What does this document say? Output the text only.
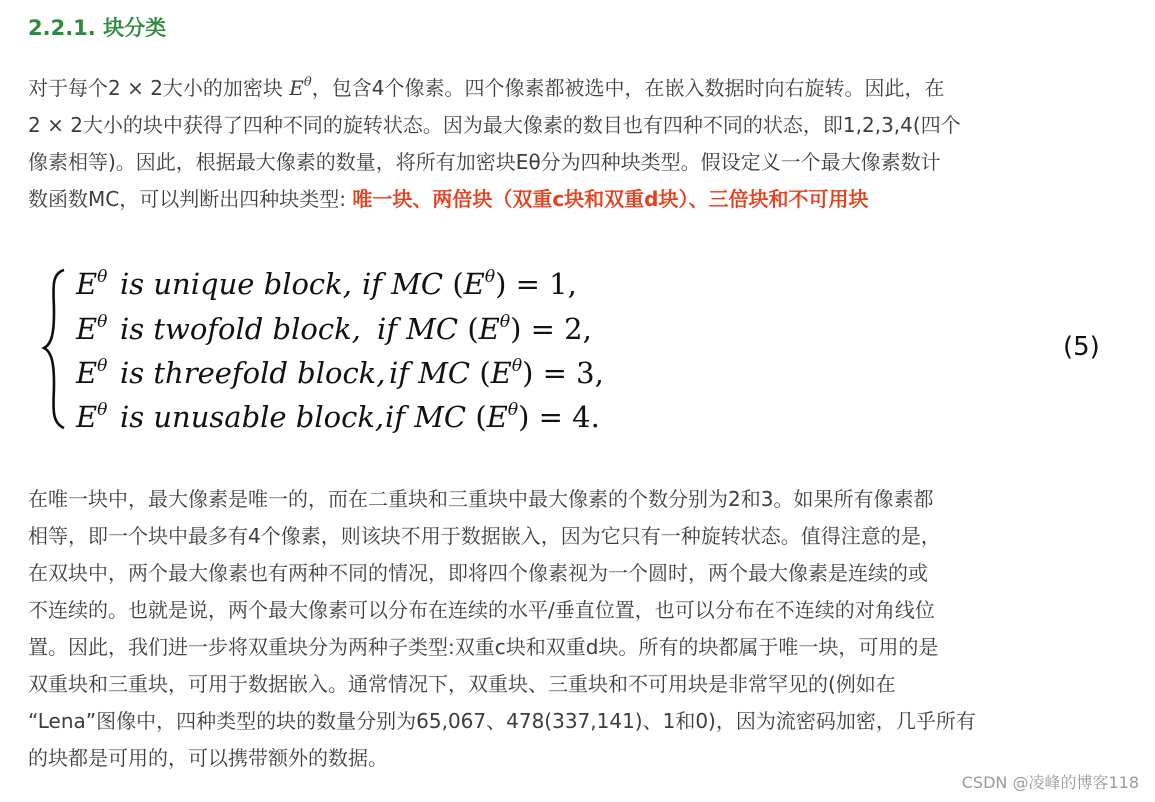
2.2.1. 块分类
对于每个2 × 2大小的加密块 $E^\theta$，包含4个像素。四个像素都被选中，在嵌入数据时向右旋转。因此，在
2 × 2大小的块中获得了四种不同的旋转状态。因为最大像素的数目也有四种不同的状态，即1,2,3,4(四个
像素相等)。因此，根据最大像素的数量，将所有加密块Eθ分为四种块类型。假设定义一个最大像素数计
数函数MC，可以判断出四种块类型: 唯一块、两倍块（双重c块和双重d块）、三倍块和不可用块
$E^\theta$ is unique block, if MC $(E^\theta) = 1$,
$E^\theta$ is twofold block, if MC $(E^\theta) = 2$,
$E^\theta$ is threefold block, if MC $(E^\theta) = 3$,
$E^\theta$ is unusable block,if MC $(E^\theta) = 4$.
(5)
在唯一块中，最大像素是唯一的，而在二重块和三重块中最大像素的个数分别为2和3。如果所有像素都
相等，即一个块中最多有4个像素，则该块不用于数据嵌入，因为它只有一种旋转状态。值得注意的是，
在双块中，两个最大像素也有两种不同的情况，即将四个像素视为一个圆时，两个最大像素是连续的或
不连续的。也就是说，两个最大像素可以分布在连续的水平/垂直位置，也可以分布在不连续的对角线位
置。因此，我们进一步将双重块分为两种子类型:双重c块和双重d块。所有的块都属于唯一块，可用的是
双重块和三重块，可用于数据嵌入。通常情况下，双重块、三重块和不可用块是非常罕见的(例如在
“Lena”图像中，四种类型的块的数量分别为65,067、478(337,141)、1和0)，因为流密码加密，几乎所有
的块都是可用的，可以携带额外的数据。
CSDN @凌峰的博客118
